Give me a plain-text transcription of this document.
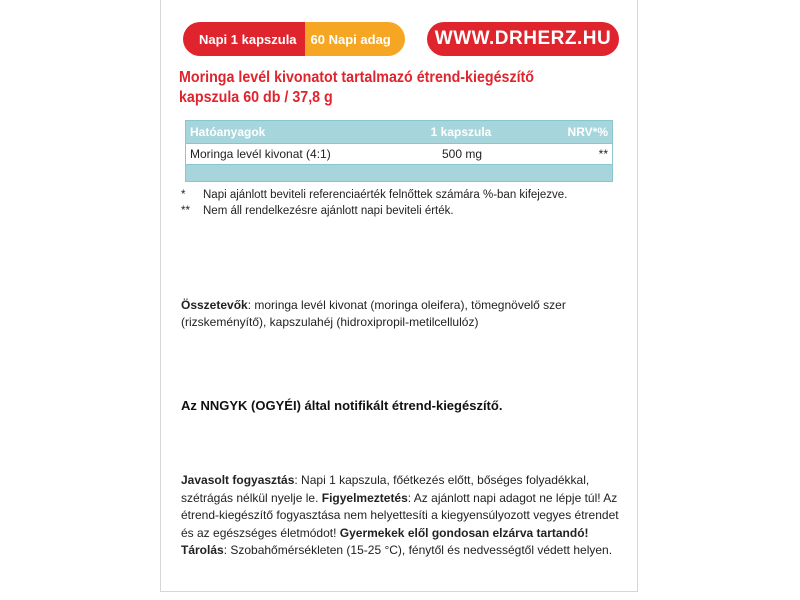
Napi 1 kapszula	60 Napi adag	WWW.DRHERZ.HU
Moringa levél kivonatot tartalmazó étrend-kiegészítő
kapszula 60 db / 37,8 g
Hatóanyagok	1 kapszula	NRV*%
Moringa levél kivonat (4:1)	500 mg	**
*	Napi ajánlott beviteli referenciaérték felnőttek számára %-ban kifejezve.
**	Nem áll rendelkezésre ajánlott napi beviteli érték.
Összetevők: moringa levél kivonat (moringa oleifera), tömegnövelő szer (rizskeményítő), kapszulahéj (hidroxipropil-metilcellulóz)
Az NNGYK (OGYÉI) által notifikált étrend-kiegészítő.
Javasolt fogyasztás: Napi 1 kapszula, főétkezés előtt, bőséges folyadékkal, szétrágás nélkül nyelje le. Figyelmeztetés: Az ajánlott napi adagot ne lépje túl! Az étrend-kiegészítő fogyasztása nem helyettesíti a kiegyensúlyozott vegyes étrendet és az egészséges életmódot! Gyermekek elől gondosan elzárva tartandó! Tárolás: Szobahőmérsékleten (15-25 °C), fénytől és nedvességtől védett helyen.
